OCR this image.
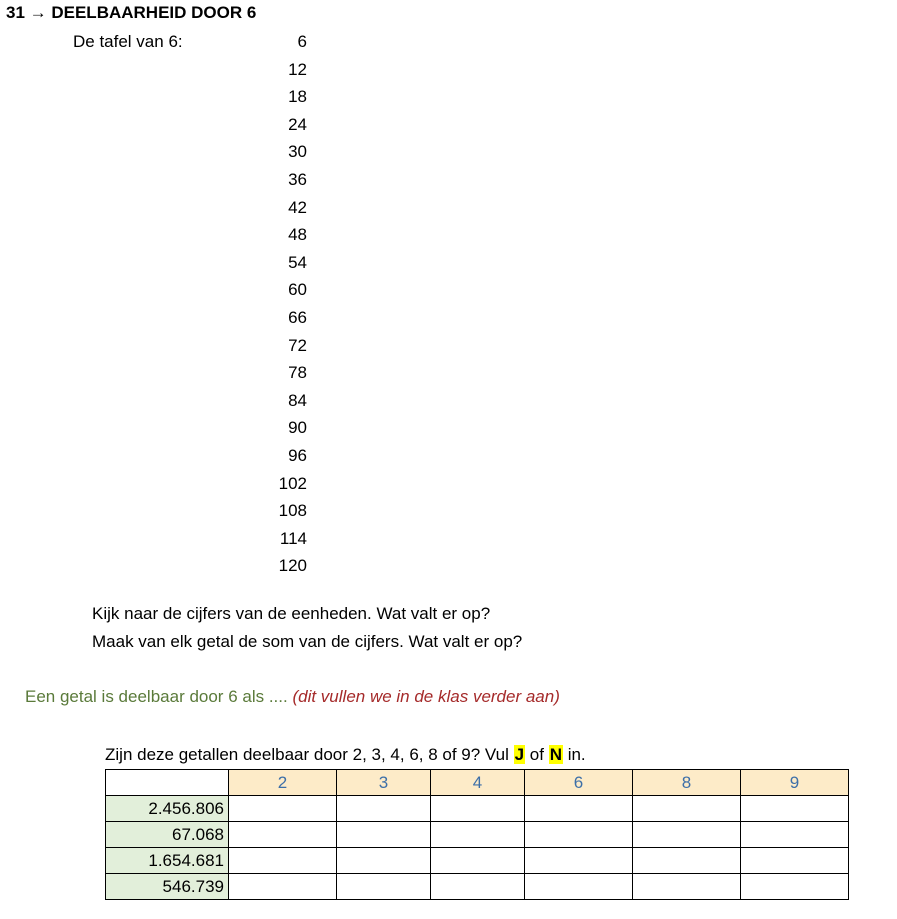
31 → DEELBAARHEID DOOR 6
De tafel van 6:	6
12
18
24
30
36
42
48
54
60
66
72
78
84
90
96
102
108
114
120
Kijk naar de cijfers van de eenheden. Wat valt er op?
Maak van elk getal de som van de cijfers. Wat valt er op?
Een getal is deelbaar door 6 als .... (dit vullen we in de klas verder aan)
Zijn deze getallen deelbaar door 2, 3, 4, 6, 8 of 9? Vul J of N in.
	2	3	4	6	8	9
2.456.806						
67.068						
1.654.681						
546.739						
